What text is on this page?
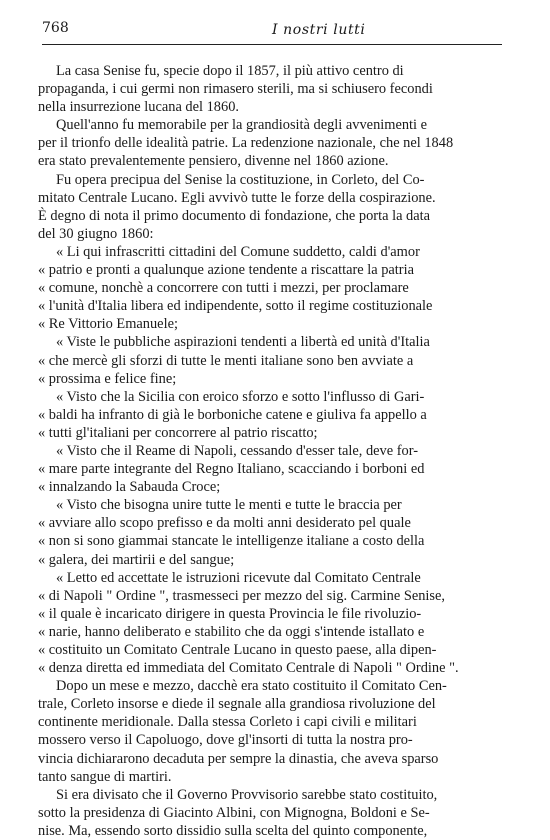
768	I nostri lutti
La casa Senise fu, specie dopo il 1857, il più attivo centro di
propaganda, i cui germi non rimasero sterili, ma si schiusero fecondi
nella insurrezione lucana del 1860.
Quell'anno fu memorabile per la grandiosità degli avvenimenti e
per il trionfo delle idealità patrie. La redenzione nazionale, che nel 1848
era stato prevalentemente pensiero, divenne nel 1860 azione.
Fu opera precipua del Senise la costituzione, in Corleto, del Co-
mitato Centrale Lucano. Egli avvivò tutte le forze della cospirazione.
È degno di nota il primo documento di fondazione, che porta la data
del 30 giugno 1860:
« Li qui infrascritti cittadini del Comune suddetto, caldi d'amor
« patrio e pronti a qualunque azione tendente a riscattare la patria
« comune, nonchè a concorrere con tutti i mezzi, per proclamare
« l'unità d'Italia libera ed indipendente, sotto il regime costituzionale
« Re Vittorio Emanuele;
« Viste le pubbliche aspirazioni tendenti a libertà ed unità d'Italia
« che mercè gli sforzi di tutte le menti italiane sono ben avviate a
« prossima e felice fine;
« Visto che la Sicilia con eroico sforzo e sotto l'influsso di Gari-
« baldi ha infranto di già le borboniche catene e giuliva fa appello a
« tutti gl'italiani per concorrere al patrio riscatto;
« Visto che il Reame di Napoli, cessando d'esser tale, deve for-
« mare parte integrante del Regno Italiano, scacciando i borboni ed
« innalzando la Sabauda Croce;
« Visto che bisogna unire tutte le menti e tutte le braccia per
« avviare allo scopo prefisso e da molti anni desiderato pel quale
« non si sono giammai stancate le intelligenze italiane a costo della
« galera, dei martirii e del sangue;
« Letto ed accettate le istruzioni ricevute dal Comitato Centrale
« di Napoli " Ordine ", trasmesseci per mezzo del sig. Carmine Senise,
« il quale è incaricato dirigere in questa Provincia le file rivoluzio-
« narie, hanno deliberato e stabilito che da oggi s'intende istallato e
« costituito un Comitato Centrale Lucano in questo paese, alla dipen-
« denza diretta ed immediata del Comitato Centrale di Napoli " Ordine ".
Dopo un mese e mezzo, dacchè era stato costituito il Comitato Cen-
trale, Corleto insorse e diede il segnale alla grandiosa rivoluzione del
continente meridionale. Dalla stessa Corleto i capi civili e militari
mossero verso il Capoluogo, dove gl'insorti di tutta la nostra pro-
vincia dichiararono decaduta per sempre la dinastia, che aveva sparso
tanto sangue di martiri.
Si era divisato che il Governo Provvisorio sarebbe stato costituito,
sotto la presidenza di Giacinto Albini, con Mignogna, Boldoni e Se-
nise. Ma, essendo sorto dissidio sulla scelta del quinto componente,
